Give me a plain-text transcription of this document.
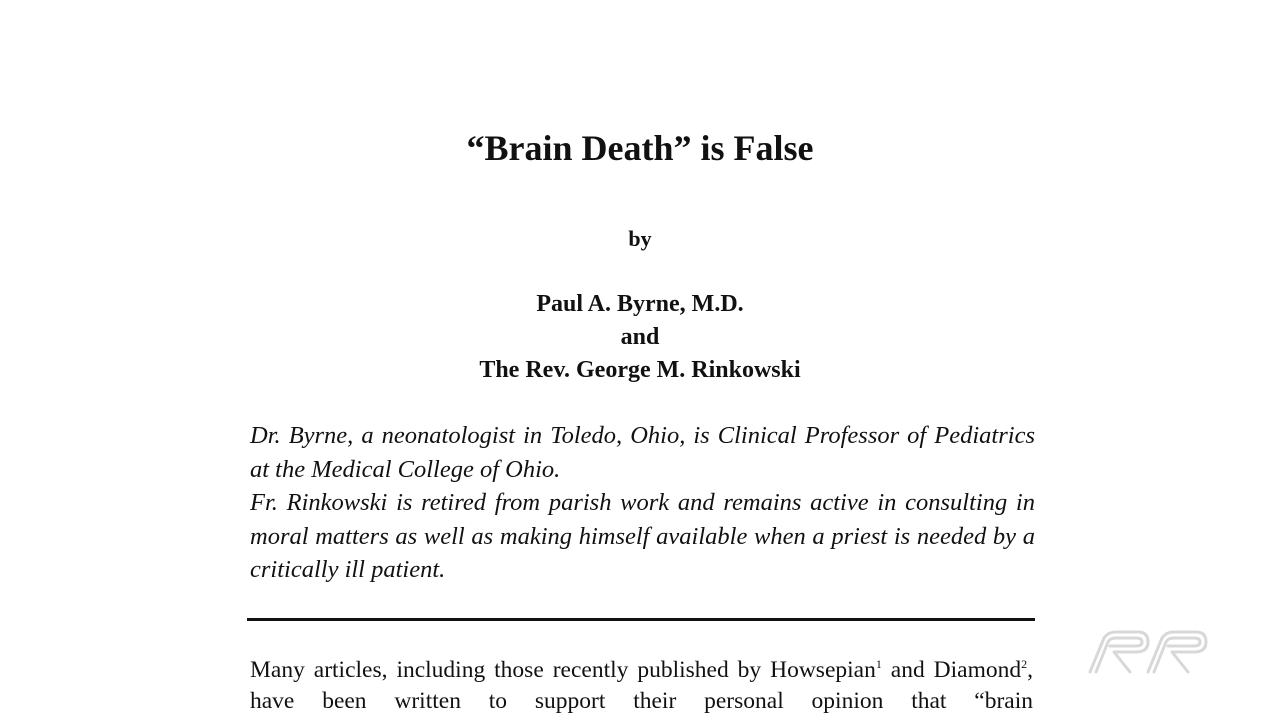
“Brain Death” is False
by
Paul A. Byrne, M.D.
and
The Rev. George M. Rinkowski

Dr. Byrne, a neonatologist in Toledo, Ohio, is Clinical Professor of Pediatrics at the Medical College of Ohio.

Fr. Rinkowski is retired from parish work and remains active in consulting in moral matters as well as making himself available when a priest is needed by a critically ill patient.

Many articles, including those recently published by Howsepian$^1$ and Diamond$^2$, have been written to support their personal opinion that “brain
